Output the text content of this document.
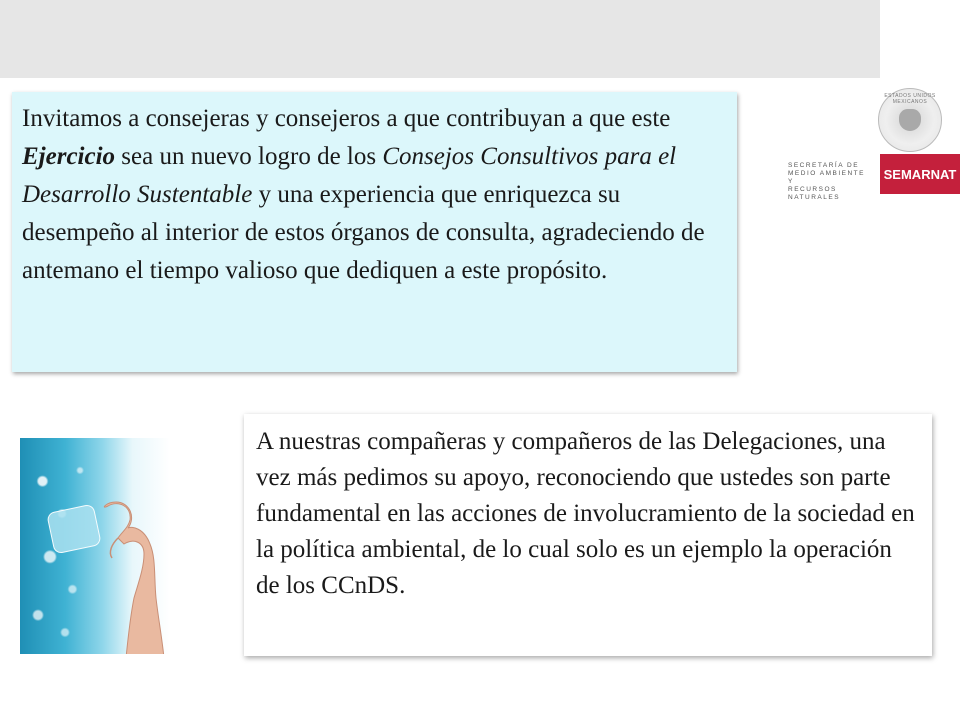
ESTADOS UNIDOS MEXICANOS
SECRETARÍA DE
MEDIO AMBIENTE Y
RECURSOS NATURALES
SEMARNAT
Invitamos a consejeras y consejeros a que contribuyan a que este Ejercicio sea un nuevo logro de los Consejos Consultivos para el Desarrollo Sustentable y una experiencia que enriquezca su desempeño al interior de estos órganos de consulta, agradeciendo de antemano el tiempo valioso que dediquen a este propósito.
A nuestras compañeras y compañeros de las Delegaciones, una vez más pedimos su apoyo, reconociendo que ustedes son parte fundamental en las acciones de involucramiento de la sociedad en la política ambiental, de lo cual solo es un ejemplo la operación de los CCnDS.
